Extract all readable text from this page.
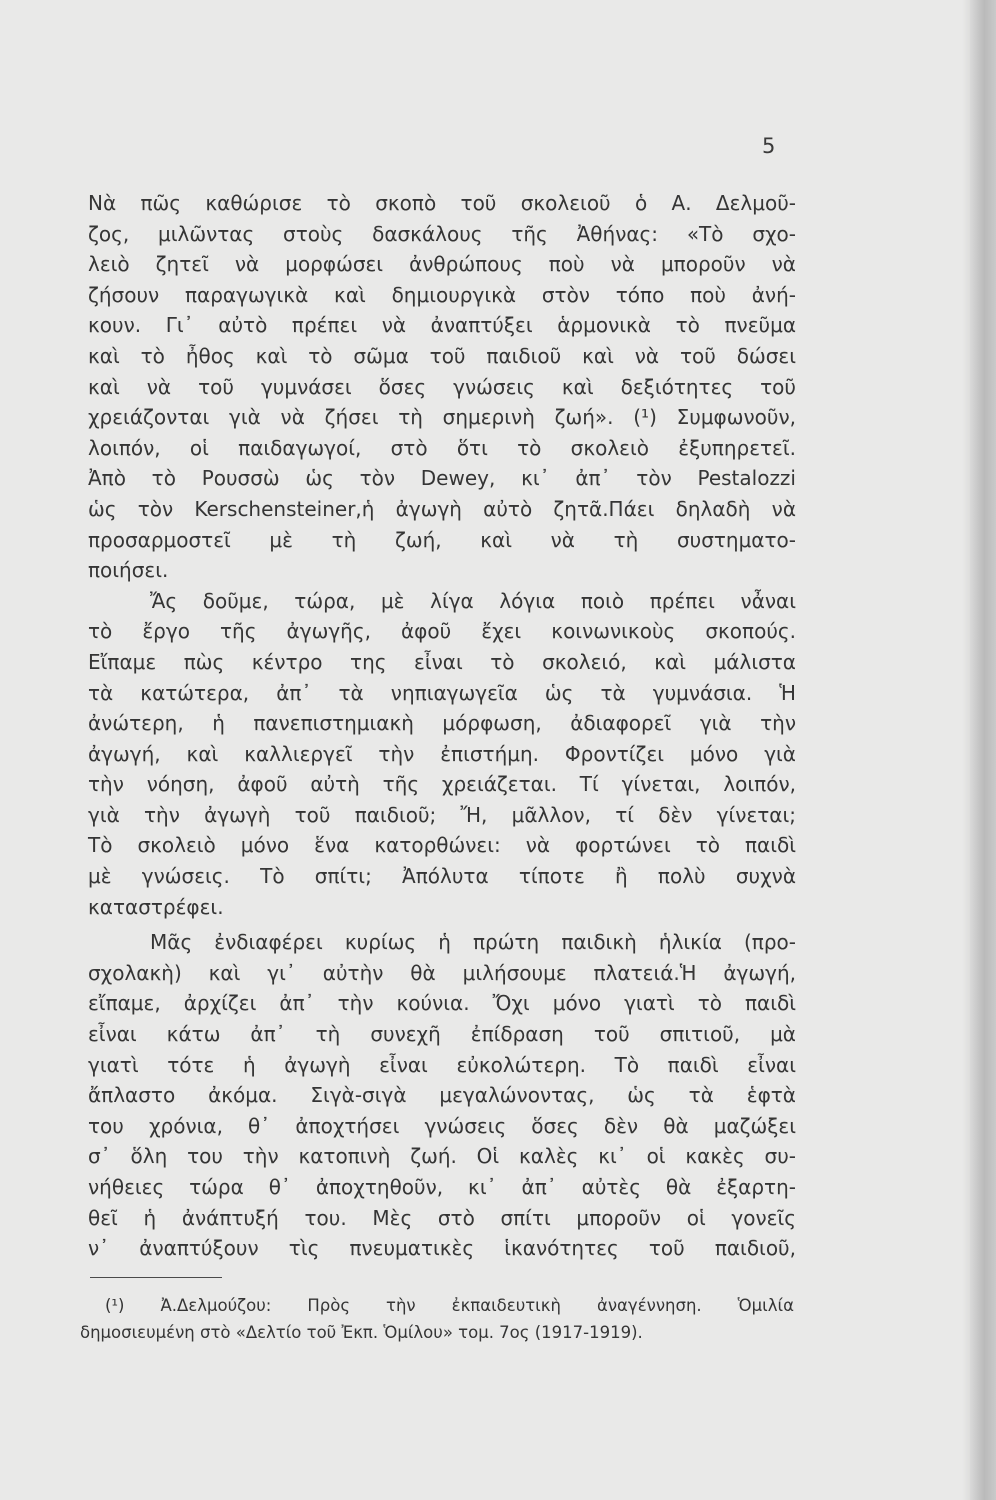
5
Νὰ πῶς καθώρισε τὸ σκοπὸ τοῦ σκολειοῦ ὁ Α. Δελμοῦ-
ζος, μιλῶντας στοὺς δασκάλους τῆς Ἀθήνας: «Τὸ σχο-
λειὸ ζητεῖ νὰ μορφώσει ἀνθρώπους ποὺ νὰ μποροῦν νὰ
ζήσουν παραγωγικὰ καὶ δημιουργικὰ στὸν τόπο ποὺ ἀνή-
κουν. Γι᾽ αὐτὸ πρέπει νὰ ἀναπτύξει ἁρμονικὰ τὸ πνεῦμα
καὶ τὸ ἦθος καὶ τὸ σῶμα τοῦ παιδιοῦ καὶ νὰ τοῦ δώσει
καὶ νὰ τοῦ γυμνάσει ὅσες γνώσεις καὶ δεξιότητες τοῦ
χρειάζονται γιὰ νὰ ζήσει τὴ σημερινὴ ζωή». (¹) Συμφωνοῦν,
λοιπόν, οἱ παιδαγωγοί, στὸ ὅτι τὸ σκολειὸ ἐξυπηρετεῖ.
Ἀπὸ τὸ Ρουσσὼ ὡς τὸν Dewey, κι᾽ ἀπ᾽ τὸν Pestalozzi
ὡς τὸν Kerschensteiner,ἡ ἀγωγὴ αὐτὸ ζητᾶ.Πάει δηλαδὴ νὰ
προσαρμοστεῖ μὲ τὴ ζωή, καὶ νὰ τὴ συστηματο-
ποιήσει.
Ἄς δοῦμε, τώρα, μὲ λίγα λόγια ποιὸ πρέπει νἆναι
τὸ ἔργο τῆς ἀγωγῆς, ἀφοῦ ἔχει κοινωνικοὺς σκοπούς.
Εἴπαμε πὼς κέντρο της εἶναι τὸ σκολειό, καὶ μάλιστα
τὰ κατώτερα, ἀπ᾽ τὰ νηπιαγωγεῖα ὡς τὰ γυμνάσια. Ἡ
ἀνώτερη, ἡ πανεπιστημιακὴ μόρφωση, ἀδιαφορεῖ γιὰ τὴν
ἀγωγή, καὶ καλλιεργεῖ τὴν ἐπιστήμη. Φροντίζει μόνο γιὰ
τὴν νόηση, ἀφοῦ αὐτὴ τῆς χρειάζεται. Τί γίνεται, λοιπόν,
γιὰ τὴν ἀγωγὴ τοῦ παιδιοῦ; Ἤ, μᾶλλον, τί δὲν γίνεται;
Τὸ σκολειὸ μόνο ἕνα κατορθώνει: νὰ φορτώνει τὸ παιδὶ
μὲ γνώσεις. Τὸ σπίτι; Ἀπόλυτα τίποτε ἢ πολὺ συχνὰ
καταστρέφει.
Μᾶς ἐνδιαφέρει κυρίως ἡ πρώτη παιδικὴ ἡλικία (προ-
σχολακὴ) καὶ γι᾽ αὐτὴν θὰ μιλήσουμε πλατειά.Ἡ ἀγωγή,
εἴπαμε, ἀρχίζει ἀπ᾽ τὴν κούνια. Ὄχι μόνο γιατὶ τὸ παιδὶ
εἶναι κάτω ἀπ᾽ τὴ συνεχῆ ἐπίδραση τοῦ σπιτιοῦ, μὰ
γιατὶ τότε ἡ ἀγωγὴ εἶναι εὐκολώτερη. Τὸ παιδὶ εἶναι
ἄπλαστο ἀκόμα. Σιγὰ-σιγὰ μεγαλώνοντας, ὡς τὰ ἑφτὰ
του χρόνια, θ᾽ ἀποχτήσει γνώσεις ὅσες δὲν θὰ μαζώξει
σ᾽ ὅλη του τὴν κατοπινὴ ζωή. Οἱ καλὲς κι᾽ οἱ κακὲς συ-
νήθειες τώρα θ᾽ ἀποχτηθοῦν, κι᾽ ἀπ᾽ αὐτὲς θὰ ἐξαρτη-
θεῖ ἡ ἀνάπτυξή του. Μὲς στὸ σπίτι μποροῦν οἱ γονεῖς
ν᾽ ἀναπτύξουν τὶς πνευματικὲς ἱκανότητες τοῦ παιδιοῦ,
(¹) Ἀ.Δελμούζου: Πρὸς τὴν ἐκπαιδευτικὴ ἀναγέννηση. Ὁμιλία
δημοσιευμένη στὸ «Δελτίο τοῦ Ἐκπ. Ὁμίλου» τομ. 7ος (1917-1919).
